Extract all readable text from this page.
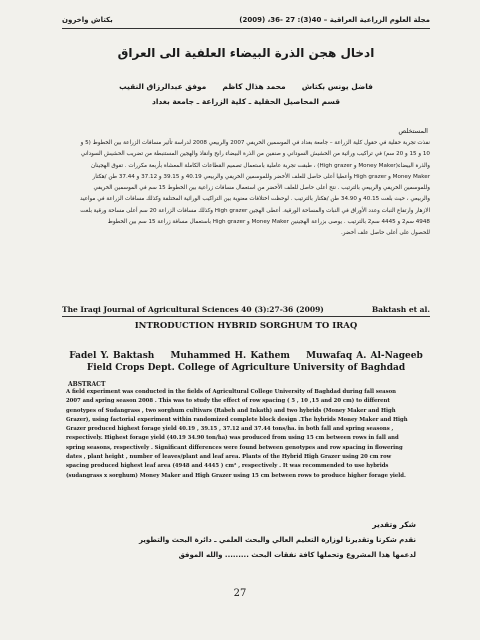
بكتاش واخرون	مجلة العلوم الزراعية العراقية – 40(3): 27 -36، (2009)
ادخال هجن الذرة البيضاء العلفية الى العراق
فاضل يونس بكتاش
محمد هذال كاظم
موفق عبدالرزاق النقيب
قسم المحاصيل الحقلية ـ كلية الزراعة ـ جامعة بغداد
المستخلص
نفذت تجربة حقلية في حقول كلية الزراعة – جامعة بغداد في الموسمين الخريفي 2007 والربيعي 2008 لدراسة تأثير مسافات الزراعة بين الخطوط (5 و
10 و 15 و 20 سم) في تراكيب وراثية من الحشيش السوداني و صنفين من الذرة البيضاء رابح وانقاذ والهجين المستنبطة من تضريب الحشيش السوداني
والذرة البيضاء(Money Maker و High grazer) ، طبقت تجربة عاملية باستعمال تصميم القطاعات الكاملة المعشاة بأربعة مكررات . تفوق الهجينان
Money Maker و High grazer وأعطيا أعلى حاصل للعلف الأخضر وللموسمين الخريفي والربيعي 40.19 و 39.15 و 37.12 و 37.44 طن /هكتار
وللموسمين الخريفي والربيعي بالترتيب . نتج أعلى حاصل للعلف الأخضر من استعمال مسافات زراعية بين الخطوط 15 سم في الموسمين الخريفي
والربيعي ، حيث بلغت 40.15 و 34.90 طن /هكتار بالترتيب . لوحظت اختلافات معنوية بين التراكيب الوراثية المختلفة وكذلك مسافات الزراعة في مواعيد
الازهار وارتفاع النبات وعدد الأوراق في النبات والمساحة الورقية. أعطى الهجين High grazer وكذلك مسافات الزراعة 20 سم أعلى مساحة ورقية بلغت
4948 سم2 و 4445 سم2 بالترتيب . يوصى بزراعة الهجينين Money Maker و High grazer باستعمال مسافة زراعة 15 سم بين الخطوط
للحصول على أعلى حاصل علف أخضر.
The Iraqi Journal of Agricultural Sciences 40 (3):27-36 (2009)	Baktash et al.
INTRODUCTION HYBRID SORGHUM TO IRAQ
Fadel Y. Baktash Muhammed H. Kathem Muwafaq A. Al-Nageeb
Field Crops Dept. College of Agriculture University of Baghdad
ABSTRACT
A field experiment was conducted in the fields of Agricultural College University of Baghdad during fall season
2007 and spring season 2008 . This was to study the effect of row spacing ( 5 , 10 ,15 and 20 cm) to different
genotypes of Sudangrass , two sorghum cultivars (Rabeh and Inkath) and two hybrids (Money Maker and High
Grazer), using factorial experiment within randomized complete block design .The hybrids Money Maker and High
Grazer produced highest forage yield 40.19 , 39.15 , 37.12 and 37.44 tons/ha. in both fall and spring seasons ,
respectively. Highest forage yield (40.19 34.90 ton/ha) was produced from using 15 cm between rows in fall and
spring seasons, respectively . Significant differences were found between genotypes and row spacing in flowering
dates , plant height , number of leaves/plant and leaf area. Plants of the Hybrid High Grazer using 20 cm row
spacing produced highest leaf area (4948 and 4445 ) cm² , respectively . It was recommended to use hybrids
(sudangrass x sorghum) Money Maker and High Grazer using 15 cm between rows to produce higher forage yield.
شكر وتقدير
نقدم شكرنا وتقديرنا لوزارة التعليم العالي والبحث العلمي ـ دائرة البحث والتطوير
لدعمها هذا المشروع وتحملها كافة نفقات البحث ......... والله الموفق
27
